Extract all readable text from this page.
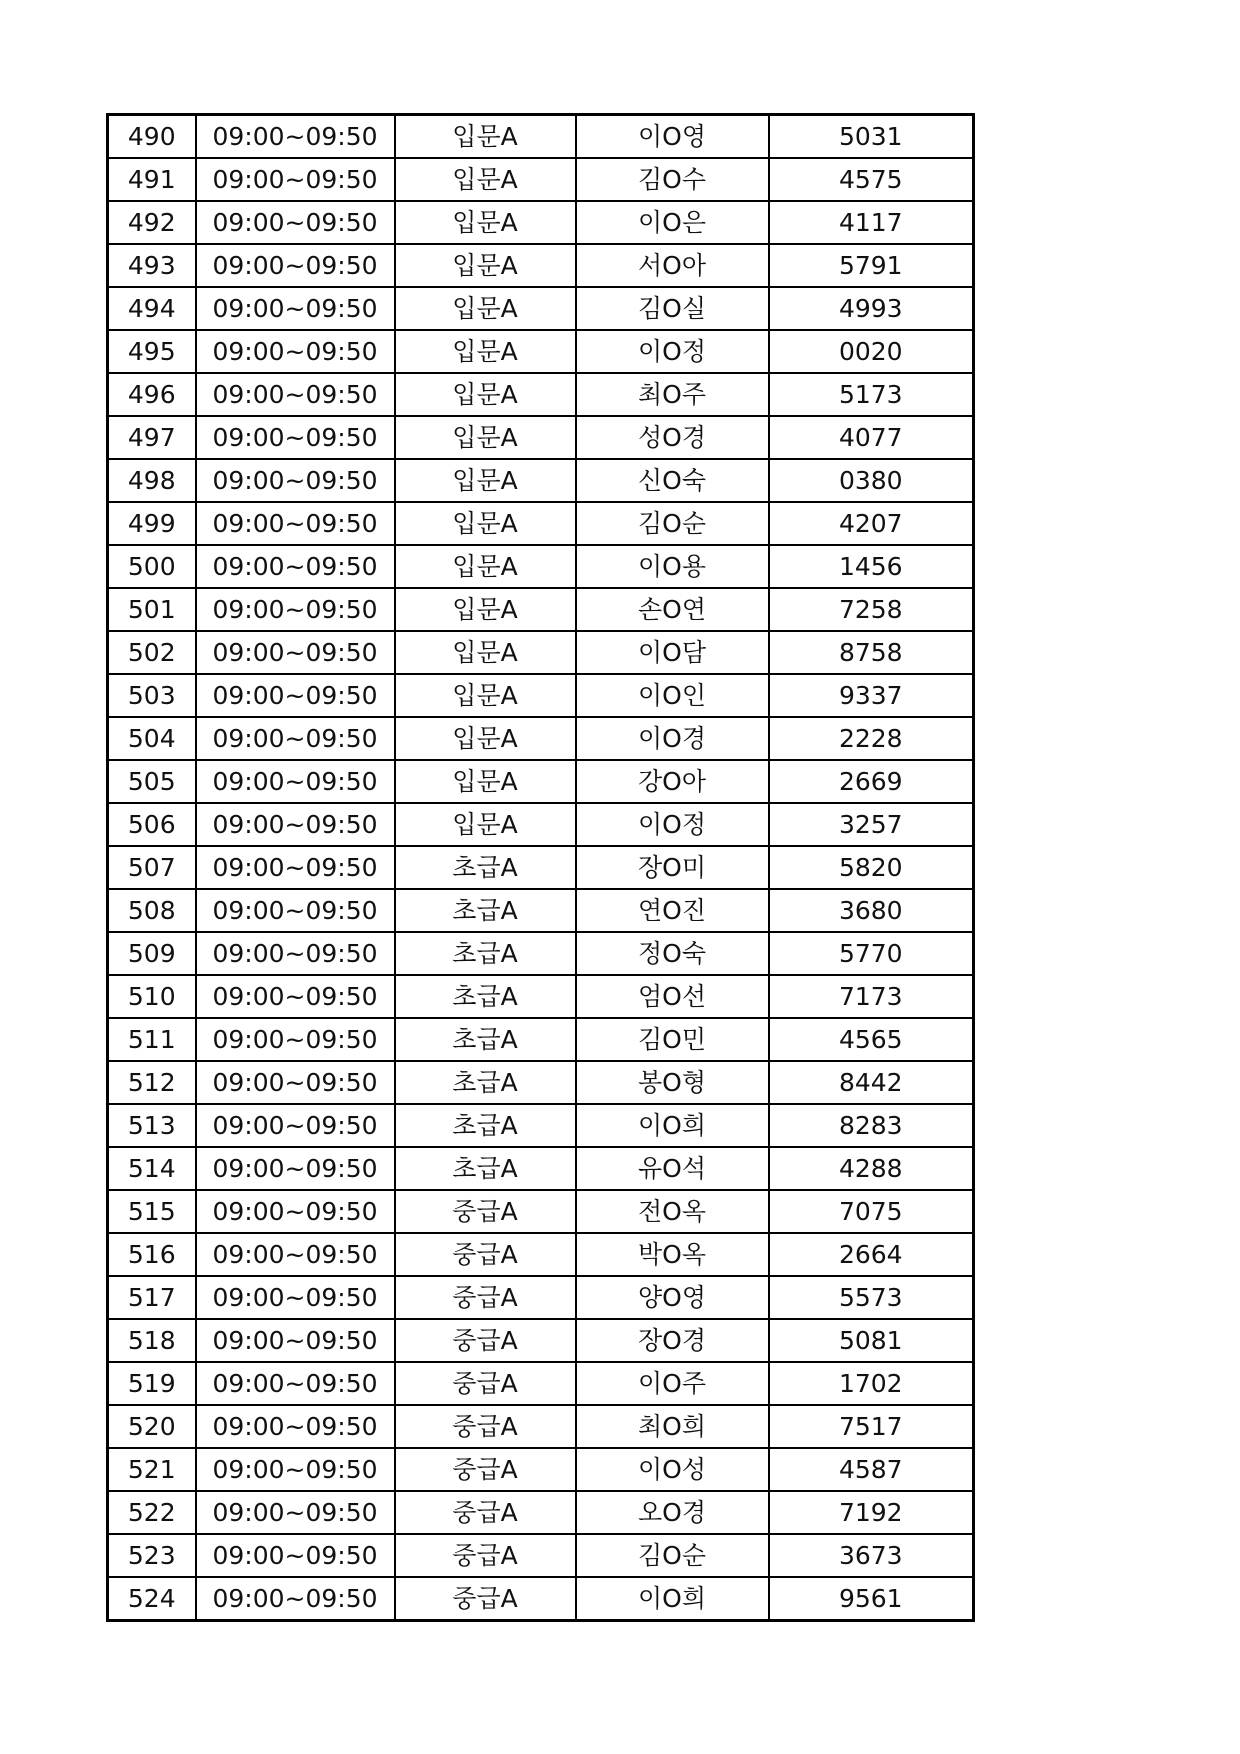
490	09:00~09:50	입문A	이O영	5031
491	09:00~09:50	입문A	김O수	4575
492	09:00~09:50	입문A	이O은	4117
493	09:00~09:50	입문A	서O아	5791
494	09:00~09:50	입문A	김O실	4993
495	09:00~09:50	입문A	이O정	0020
496	09:00~09:50	입문A	최O주	5173
497	09:00~09:50	입문A	성O경	4077
498	09:00~09:50	입문A	신O숙	0380
499	09:00~09:50	입문A	김O순	4207
500	09:00~09:50	입문A	이O용	1456
501	09:00~09:50	입문A	손O연	7258
502	09:00~09:50	입문A	이O담	8758
503	09:00~09:50	입문A	이O인	9337
504	09:00~09:50	입문A	이O경	2228
505	09:00~09:50	입문A	강O아	2669
506	09:00~09:50	입문A	이O정	3257
507	09:00~09:50	초급A	장O미	5820
508	09:00~09:50	초급A	연O진	3680
509	09:00~09:50	초급A	정O숙	5770
510	09:00~09:50	초급A	엄O선	7173
511	09:00~09:50	초급A	김O민	4565
512	09:00~09:50	초급A	봉O형	8442
513	09:00~09:50	초급A	이O희	8283
514	09:00~09:50	초급A	유O석	4288
515	09:00~09:50	중급A	전O옥	7075
516	09:00~09:50	중급A	박O옥	2664
517	09:00~09:50	중급A	양O영	5573
518	09:00~09:50	중급A	장O경	5081
519	09:00~09:50	중급A	이O주	1702
520	09:00~09:50	중급A	최O희	7517
521	09:00~09:50	중급A	이O성	4587
522	09:00~09:50	중급A	오O경	7192
523	09:00~09:50	중급A	김O순	3673
524	09:00~09:50	중급A	이O희	9561
